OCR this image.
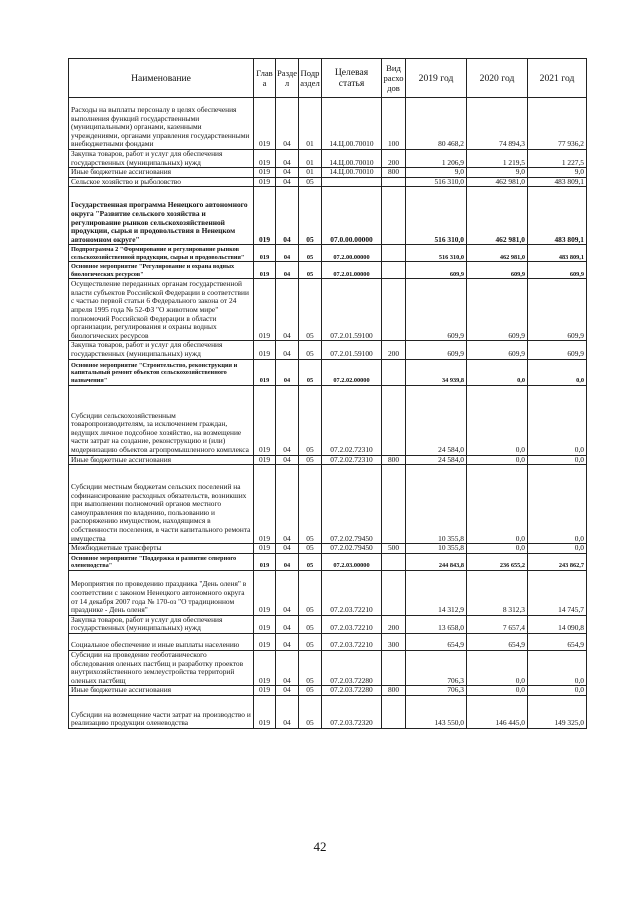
Наименование	Глав а	Разде л	Подр аздел	Целевая статья	Вид расхо дов	2019 год	2020 год	2021 год
Расходы на выплаты персоналу в целях обеспечения выполнения функций государственными (муниципальными) органами, казенными учреждениями, органами управления государственными внебюджетными фондами	019	04	01	14.Ц.00.70010	100	80 468,2	74 894,3	77 936,2
Закупка товаров, работ и услуг для обеспечения государственных (муниципальных) нужд	019	04	01	14.Ц.00.70010	200	1 206,9	1 219,5	1 227,5
Иные бюджетные ассигнования	019	04	01	14.Ц.00.70010	800	9,0	9,0	9,0
Сельское хозяйство и рыболовство	019	04	05			516 310,0	462 981,0	483 809,1
Государственная программа Ненецкого автономного округа "Развитие сельского хозяйства и регулирование рынков сельскохозяйственной продукции, сырья и продовольствия в Ненецком автономном округе"	019	04	05	07.0.00.00000		516 310,0	462 981,0	483 809,1
Подпрограмма 2 "Формирование и регулирование рынков сельскохозяйственной продукции, сырья и продовольствия"	019	04	05	07.2.00.00000		516 310,0	462 981,0	483 809,1
Основное мероприятие "Регулирование и охрана водных биологических ресурсов"	019	04	05	07.2.01.00000		609,9	609,9	609,9
Осуществление переданных органам государственной власти субъектов Российской Федерации в соответствии с частью первой статьи 6 Федерального закона от 24 апреля 1995 года № 52-ФЗ "О животном мире" полномочий Российской Федерации в области организации, регулирования и охраны водных биологических ресурсов	019	04	05	07.2.01.59100		609,9	609,9	609,9
Закупка товаров, работ и услуг для обеспечения государственных (муниципальных) нужд	019	04	05	07.2.01.59100	200	609,9	609,9	609,9
Основное мероприятие "Строительство, реконструкция и капитальный ремонт объектов сельскохозяйственного назначения"	019	04	05	07.2.02.00000		34 939,8	0,0	0,0
Субсидии сельскохозяйственным товаропроизводителям, за исключением граждан, ведущих личное подсобное хозяйство, на возмещение части затрат на создание, реконструкцию и (или) модернизацию объектов агропромышленного комплекса	019	04	05	07.2.02.72310		24 584,0	0,0	0,0
Иные бюджетные ассигнования	019	04	05	07.2.02.72310	800	24 584,0	0,0	0,0
Субсидии местным бюджетам сельских поселений на софинансирование расходных обязательств, возникших при выполнении полномочий органов местного самоуправления по владению, пользованию и распоряжению имуществом, находящимся в собственности поселения, в части капитального ремонта имущества	019	04	05	07.2.02.79450		10 355,8	0,0	0,0
Межбюджетные трансферты	019	04	05	07.2.02.79450	500	10 355,8	0,0	0,0
Основное мероприятие "Поддержка и развитие северного оленеводства"	019	04	05	07.2.03.00000		244 843,8	236 655,2	243 862,7
Мероприятия по проведению праздника "День оленя" в соответствии с законом Ненецкого автономного округа от 14 декабря 2007 года № 170-оз "О традиционном празднике - День оленя"	019	04	05	07.2.03.72210		14 312,9	8 312,3	14 745,7
Закупка товаров, работ и услуг для обеспечения государственных (муниципальных) нужд	019	04	05	07.2.03.72210	200	13 658,0	7 657,4	14 090,8
Социальное обеспечение и иные выплаты населению	019	04	05	07.2.03.72210	300	654,9	654,9	654,9
Субсидии на проведение геоботанического обследования оленьих пастбищ и разработку проектов внутрихозяйственного землеустройства территорий оленьих пастбищ	019	04	05	07.2.03.72280		706,3	0,0	0,0
Иные бюджетные ассигнования	019	04	05	07.2.03.72280	800	706,3	0,0	0,0
Субсидии на возмещение части затрат на производство и реализацию продукции оленеводства	019	04	05	07.2.03.72320		143 550,0	146 445,0	149 325,0
42
